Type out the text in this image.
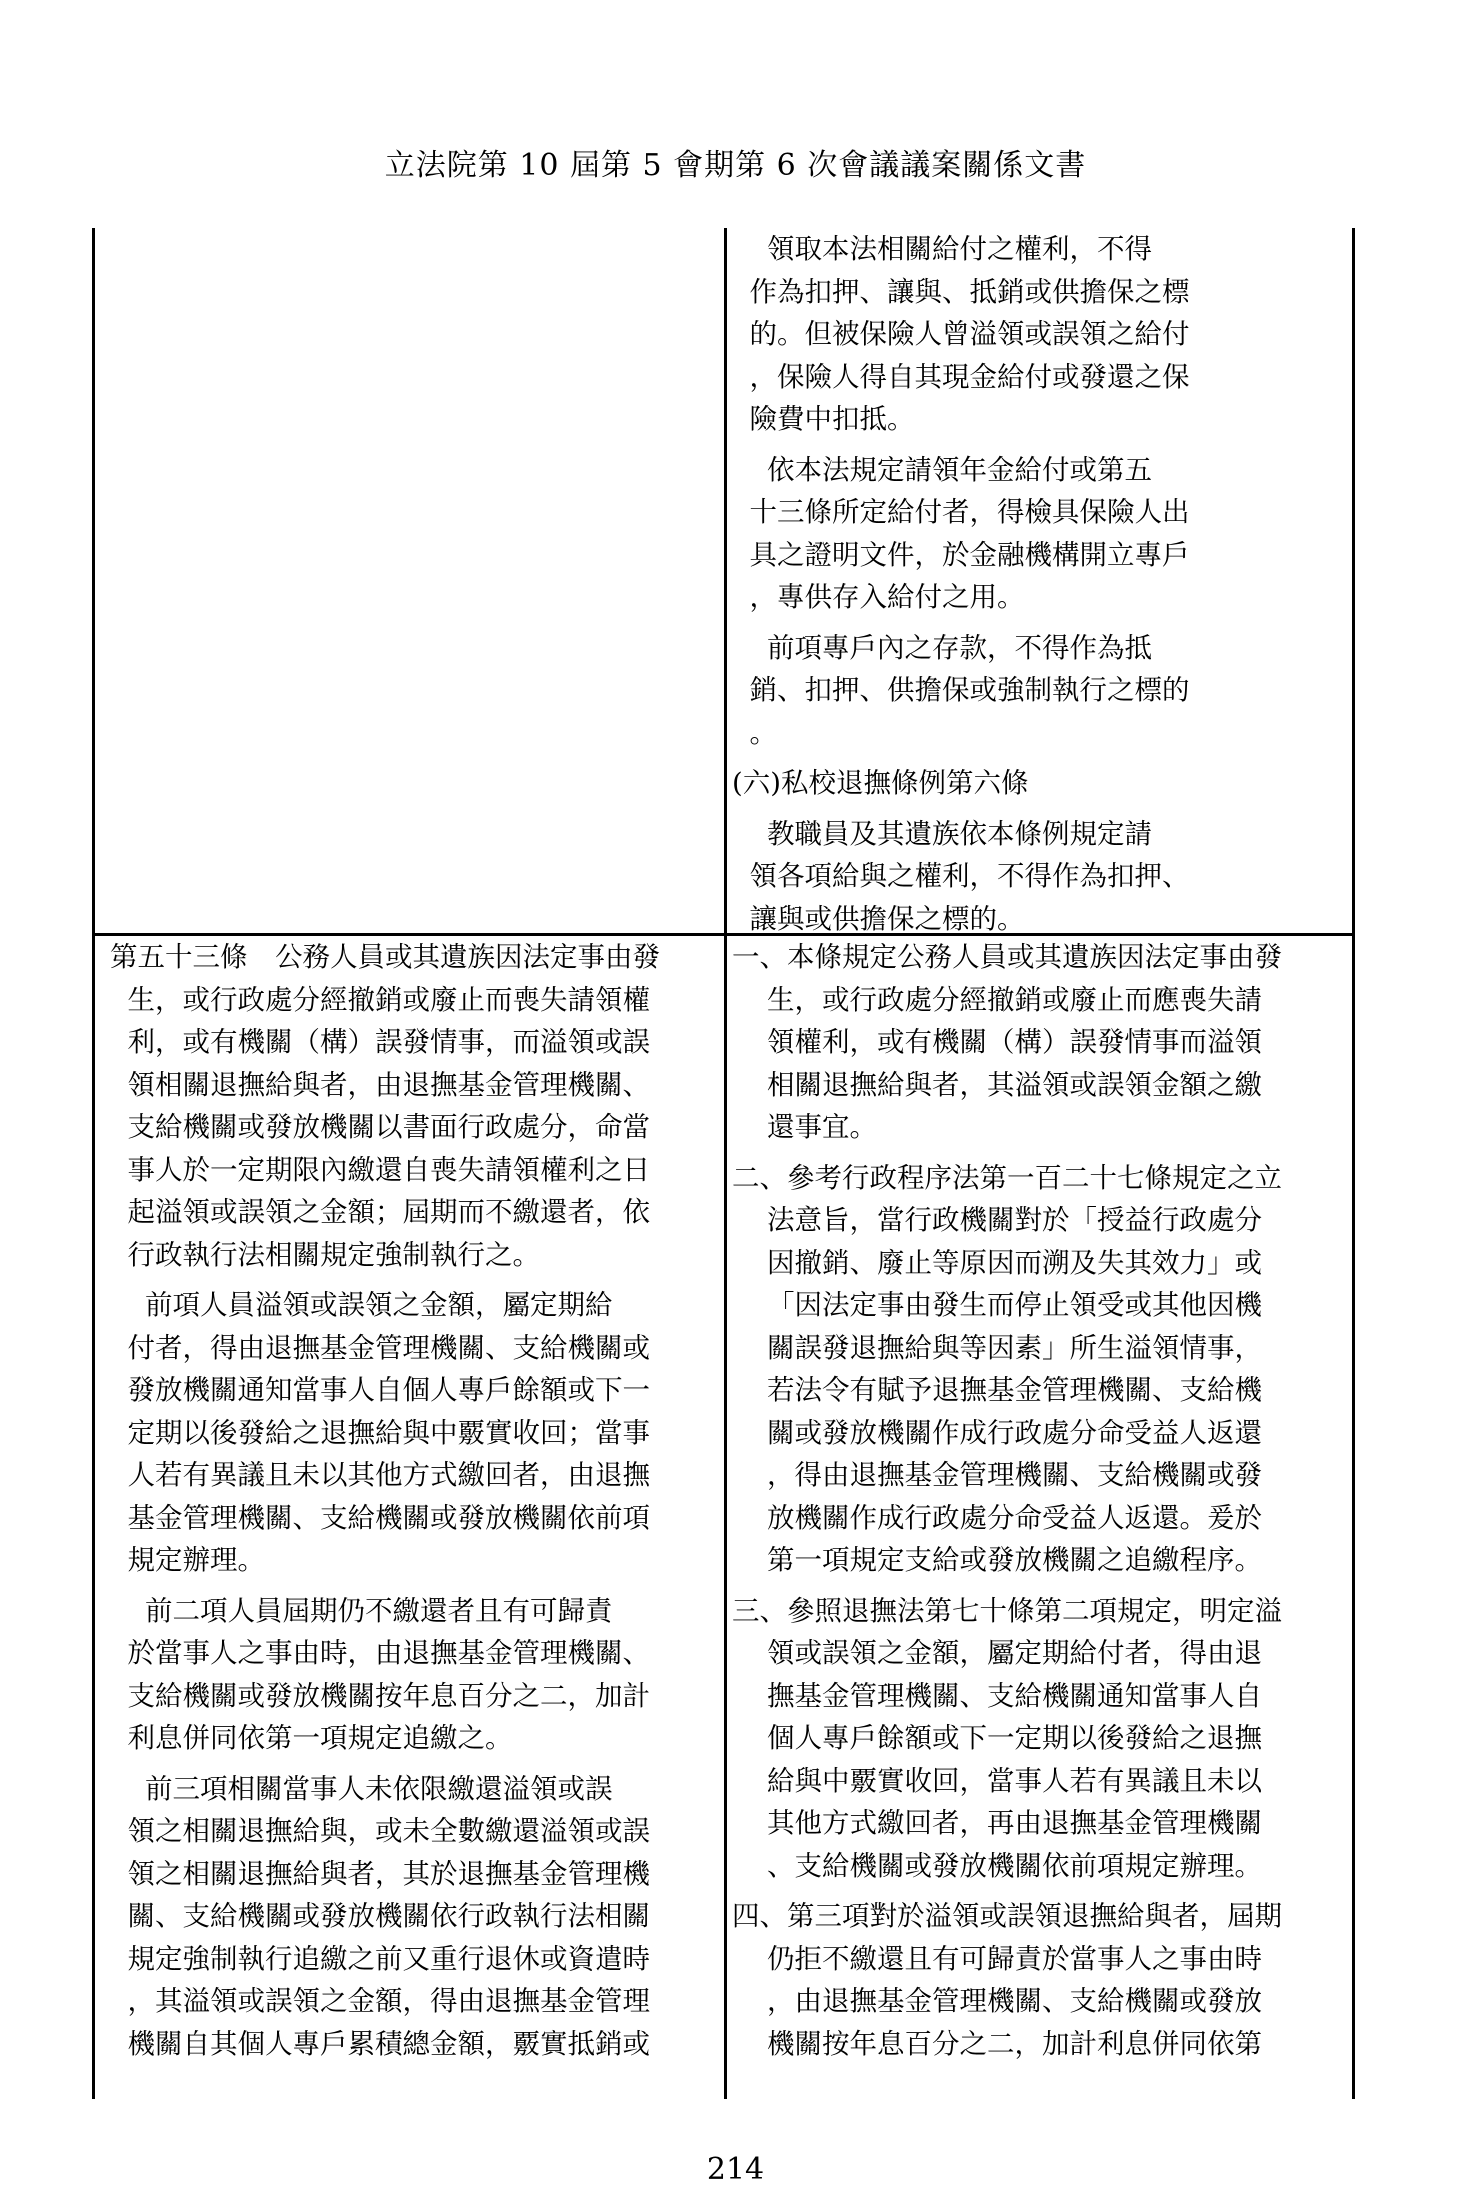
立法院第 10 屆第 5 會期第 6 次會議議案關係文書
領取本法相關給付之權利，不得
作為扣押、讓與、抵銷或供擔保之標
的。但被保險人曾溢領或誤領之給付
，保險人得自其現金給付或發還之保
險費中扣抵。
依本法規定請領年金給付或第五
十三條所定給付者，得檢具保險人出
具之證明文件，於金融機構開立專戶
，專供存入給付之用。
前項專戶內之存款，不得作為抵
銷、扣押、供擔保或強制執行之標的
。
(六)私校退撫條例第六條
教職員及其遺族依本條例規定請
領各項給與之權利，不得作為扣押、
讓與或供擔保之標的。
第五十三條　公務人員或其遺族因法定事由發
生，或行政處分經撤銷或廢止而喪失請領權
利，或有機關（構）誤發情事，而溢領或誤
領相關退撫給與者，由退撫基金管理機關、
支給機關或發放機關以書面行政處分，命當
事人於一定期限內繳還自喪失請領權利之日
起溢領或誤領之金額；屆期而不繳還者，依
行政執行法相關規定強制執行之。
前項人員溢領或誤領之金額，屬定期給
付者，得由退撫基金管理機關、支給機關或
發放機關通知當事人自個人專戶餘額或下一
定期以後發給之退撫給與中覈實收回；當事
人若有異議且未以其他方式繳回者，由退撫
基金管理機關、支給機關或發放機關依前項
規定辦理。
前二項人員屆期仍不繳還者且有可歸責
於當事人之事由時，由退撫基金管理機關、
支給機關或發放機關按年息百分之二，加計
利息併同依第一項規定追繳之。
前三項相關當事人未依限繳還溢領或誤
領之相關退撫給與，或未全數繳還溢領或誤
領之相關退撫給與者，其於退撫基金管理機
關、支給機關或發放機關依行政執行法相關
規定強制執行追繳之前又重行退休或資遣時
，其溢領或誤領之金額，得由退撫基金管理
機關自其個人專戶累積總金額，覈實抵銷或
一、本條規定公務人員或其遺族因法定事由發
生，或行政處分經撤銷或廢止而應喪失請
領權利，或有機關（構）誤發情事而溢領
相關退撫給與者，其溢領或誤領金額之繳
還事宜。
二、參考行政程序法第一百二十七條規定之立
法意旨，當行政機關對於「授益行政處分
因撤銷、廢止等原因而溯及失其效力」或
「因法定事由發生而停止領受或其他因機
關誤發退撫給與等因素」所生溢領情事，
若法令有賦予退撫基金管理機關、支給機
關或發放機關作成行政處分命受益人返還
，得由退撫基金管理機關、支給機關或發
放機關作成行政處分命受益人返還。爰於
第一項規定支給或發放機關之追繳程序。
三、參照退撫法第七十條第二項規定，明定溢
領或誤領之金額，屬定期給付者，得由退
撫基金管理機關、支給機關通知當事人自
個人專戶餘額或下一定期以後發給之退撫
給與中覈實收回，當事人若有異議且未以
其他方式繳回者，再由退撫基金管理機關
、支給機關或發放機關依前項規定辦理。
四、第三項對於溢領或誤領退撫給與者，屆期
仍拒不繳還且有可歸責於當事人之事由時
，由退撫基金管理機關、支給機關或發放
機關按年息百分之二，加計利息併同依第
214
